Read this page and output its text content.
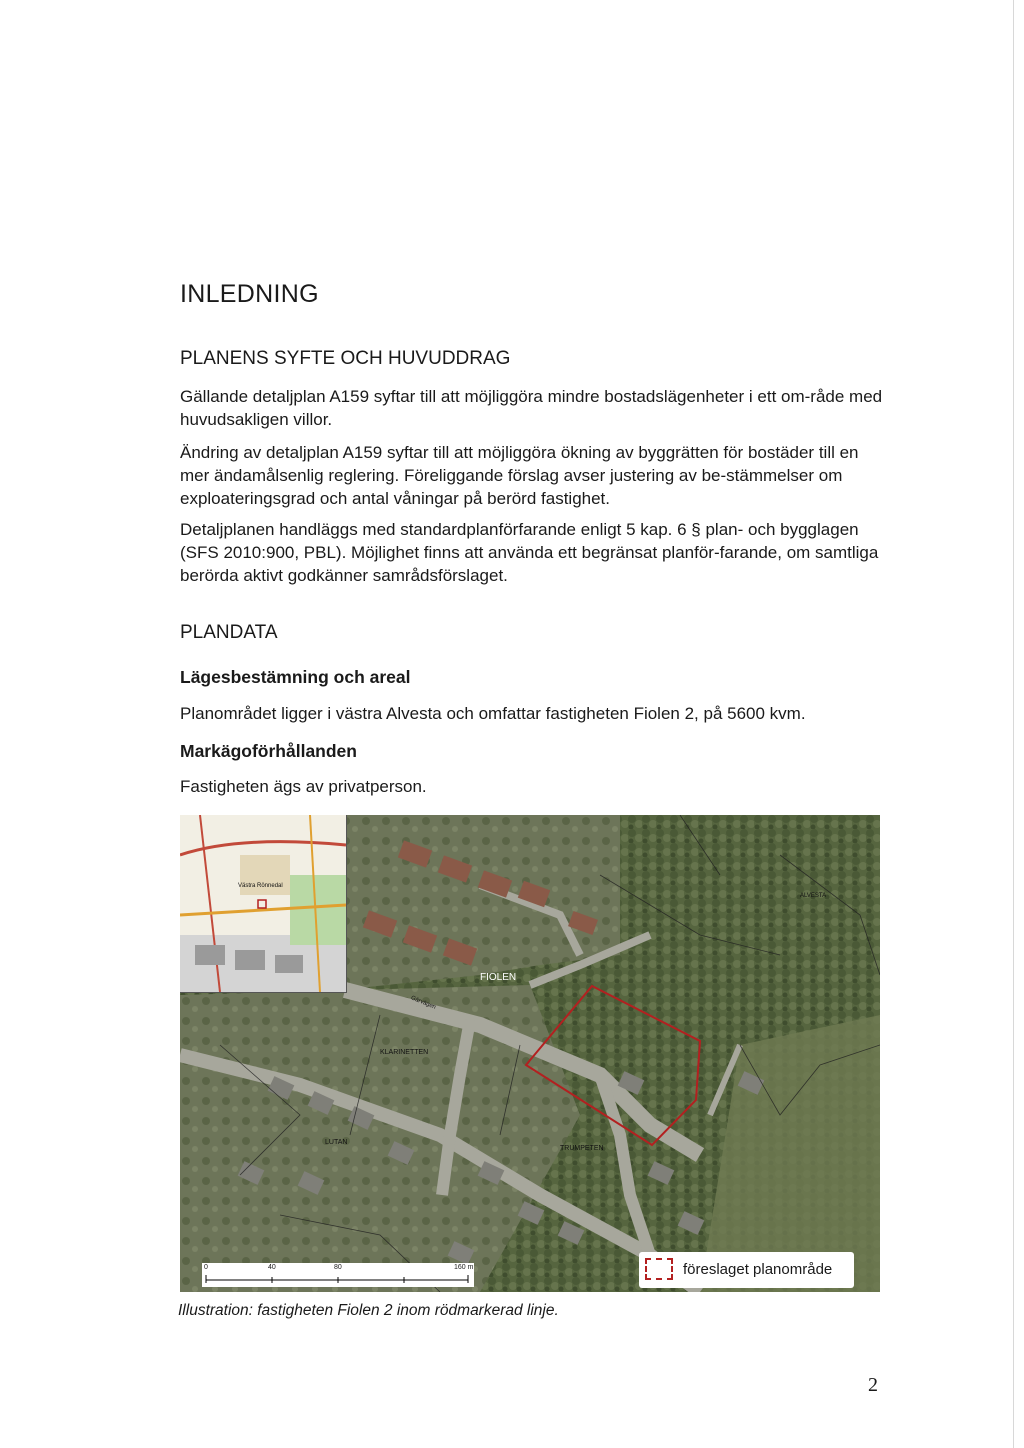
INLEDNING
PLANENS SYFTE OCH HUVUDDRAG

Gällande detaljplan A159 syftar till att möjliggöra mindre bostadslägenheter i ett om-råde med huvudsakligen villor.

Ändring av detaljplan A159 syftar till att möjliggöra ökning av byggrätten för bostäder till en mer ändamålsenlig reglering. Föreliggande förslag avser justering av be-stämmelser om exploateringsgrad och antal våningar på berörd fastighet.

Detaljplanen handläggs med standardplanförfarande enligt 5 kap. 6 § plan- och bygglagen (SFS 2010:900, PBL). Möjlighet finns att använda ett begränsat planför-farande, om samtliga berörda aktivt godkänner samrådsförslaget.

PLANDATA
Lägesbestämning och areal

Planområdet ligger i västra Alvesta och omfattar fastigheten Fiolen 2, på 5600 kvm.

Markägoförhållanden

Fastigheten ägs av privatperson.

Västra Rönnedal
FIOLEN
KLARINETTEN
TRUMPETEN
LUTAN
ALVESTA
Gärvägen
0	40	80	160 m	föreslaget planområde

Illustration: fastigheten Fiolen 2 inom rödmarkerad linje.

2
